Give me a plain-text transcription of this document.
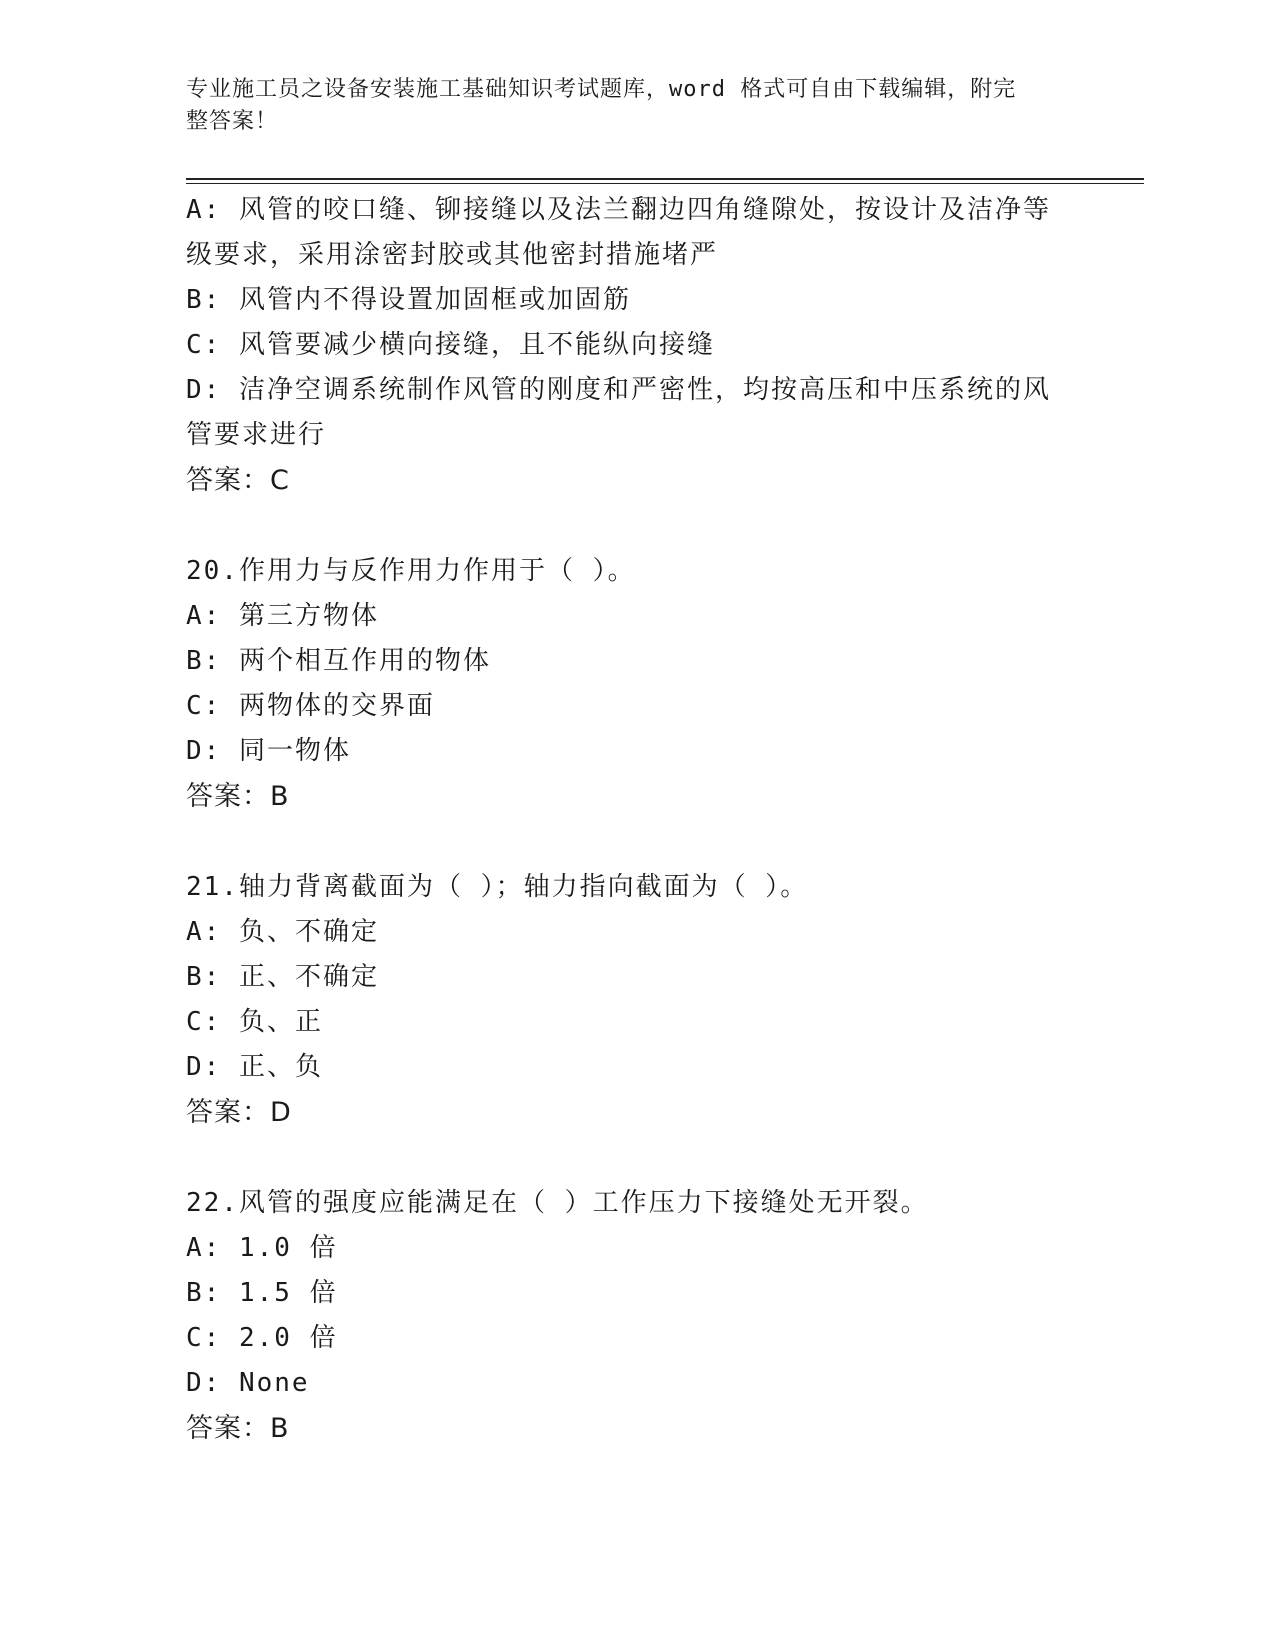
专业施工员之设备安装施工基础知识考试题库，word 格式可自由下载编辑，附完
整答案！
A: 风管的咬口缝、铆接缝以及法兰翻边四角缝隙处，按设计及洁净等
级要求，采用涂密封胶或其他密封措施堵严
B: 风管内不得设置加固框或加固筋
C: 风管要减少横向接缝，且不能纵向接缝
D: 洁净空调系统制作风管的刚度和严密性，均按高压和中压系统的风
管要求进行
答案：C
20.作用力与反作用力作用于（ ）。
A: 第三方物体
B: 两个相互作用的物体
C: 两物体的交界面
D: 同一物体
答案：B
21.轴力背离截面为（ ）；轴力指向截面为（ ）。
A: 负、不确定
B: 正、不确定
C: 负、正
D: 正、负
答案：D
22.风管的强度应能满足在（ ）工作压力下接缝处无开裂。
A: 1.0 倍
B: 1.5 倍
C: 2.0 倍
D: None
答案：B
